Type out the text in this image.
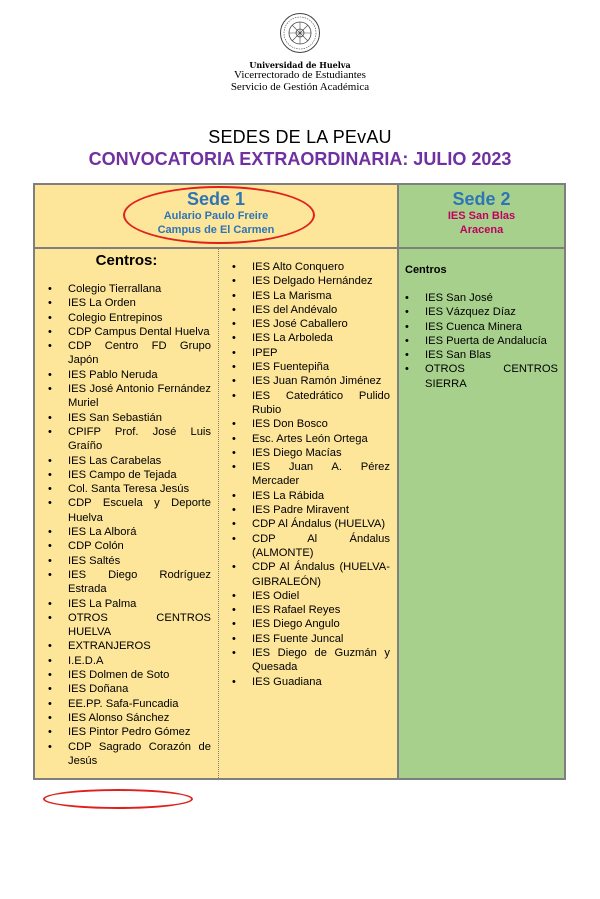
Universidad de Huelva
Vicerrectorado de Estudiantes
Servicio de Gestión Académica
SEDES DE LA PEvAU
CONVOCATORIA EXTRAORDINARIA: JULIO 2023
Sede 1
Aulario Paulo Freire
Campus de El Carmen
Sede 2
IES San Blas
Aracena
Centros:
• Colegio Tierrallana
• IES La Orden
• Colegio Entrepinos
• CDP Campus Dental Huelva
• CDP Centro FD Grupo Japón
• IES Pablo Neruda
• IES José Antonio Fernández Muriel
• IES San Sebastián
• CPIFP Prof. José Luis Graíño
• IES Las Carabelas
• IES Campo de Tejada
• Col. Santa Teresa Jesús
• CDP Escuela y Deporte Huelva
• IES La Alborá
• CDP Colón
• IES Saltés
• IES Diego Rodríguez Estrada
• IES La Palma
• OTROS CENTROS HUELVA
• EXTRANJEROS
• I.E.D.A
• IES Dolmen de Soto
• IES Doñana
• EE.PP. Safa-Funcadia
• IES Alonso Sánchez
• IES Pintor Pedro Gómez
• CDP Sagrado Corazón de Jesús
• IES Alto Conquero
• IES Delgado Hernández
• IES La Marisma
• IES del Andévalo
• IES José Caballero
• IES La Arboleda
• IPEP
• IES Fuentepiña
• IES Juan Ramón Jiménez
• IES Catedrático Pulido Rubio
• IES Don Bosco
• Esc. Artes León Ortega
• IES Diego Macías
• IES Juan A. Pérez Mercader
• IES La Rábida
• IES Padre Miravent
• CDP Al Ándalus (HUELVA)
• CDP Al Ándalus (ALMONTE)
• CDP Al Ándalus (HUELVA-GIBRALEÓN)
• IES Odiel
• IES Rafael Reyes
• IES Diego Angulo
• IES Fuente Juncal
• IES Diego de Guzmán y Quesada
• IES Guadiana
Centros
• IES San José
• IES Vázquez Díaz
• IES Cuenca Minera
• IES Puerta de Andalucía
• IES San Blas
• OTROS CENTROS SIERRA
